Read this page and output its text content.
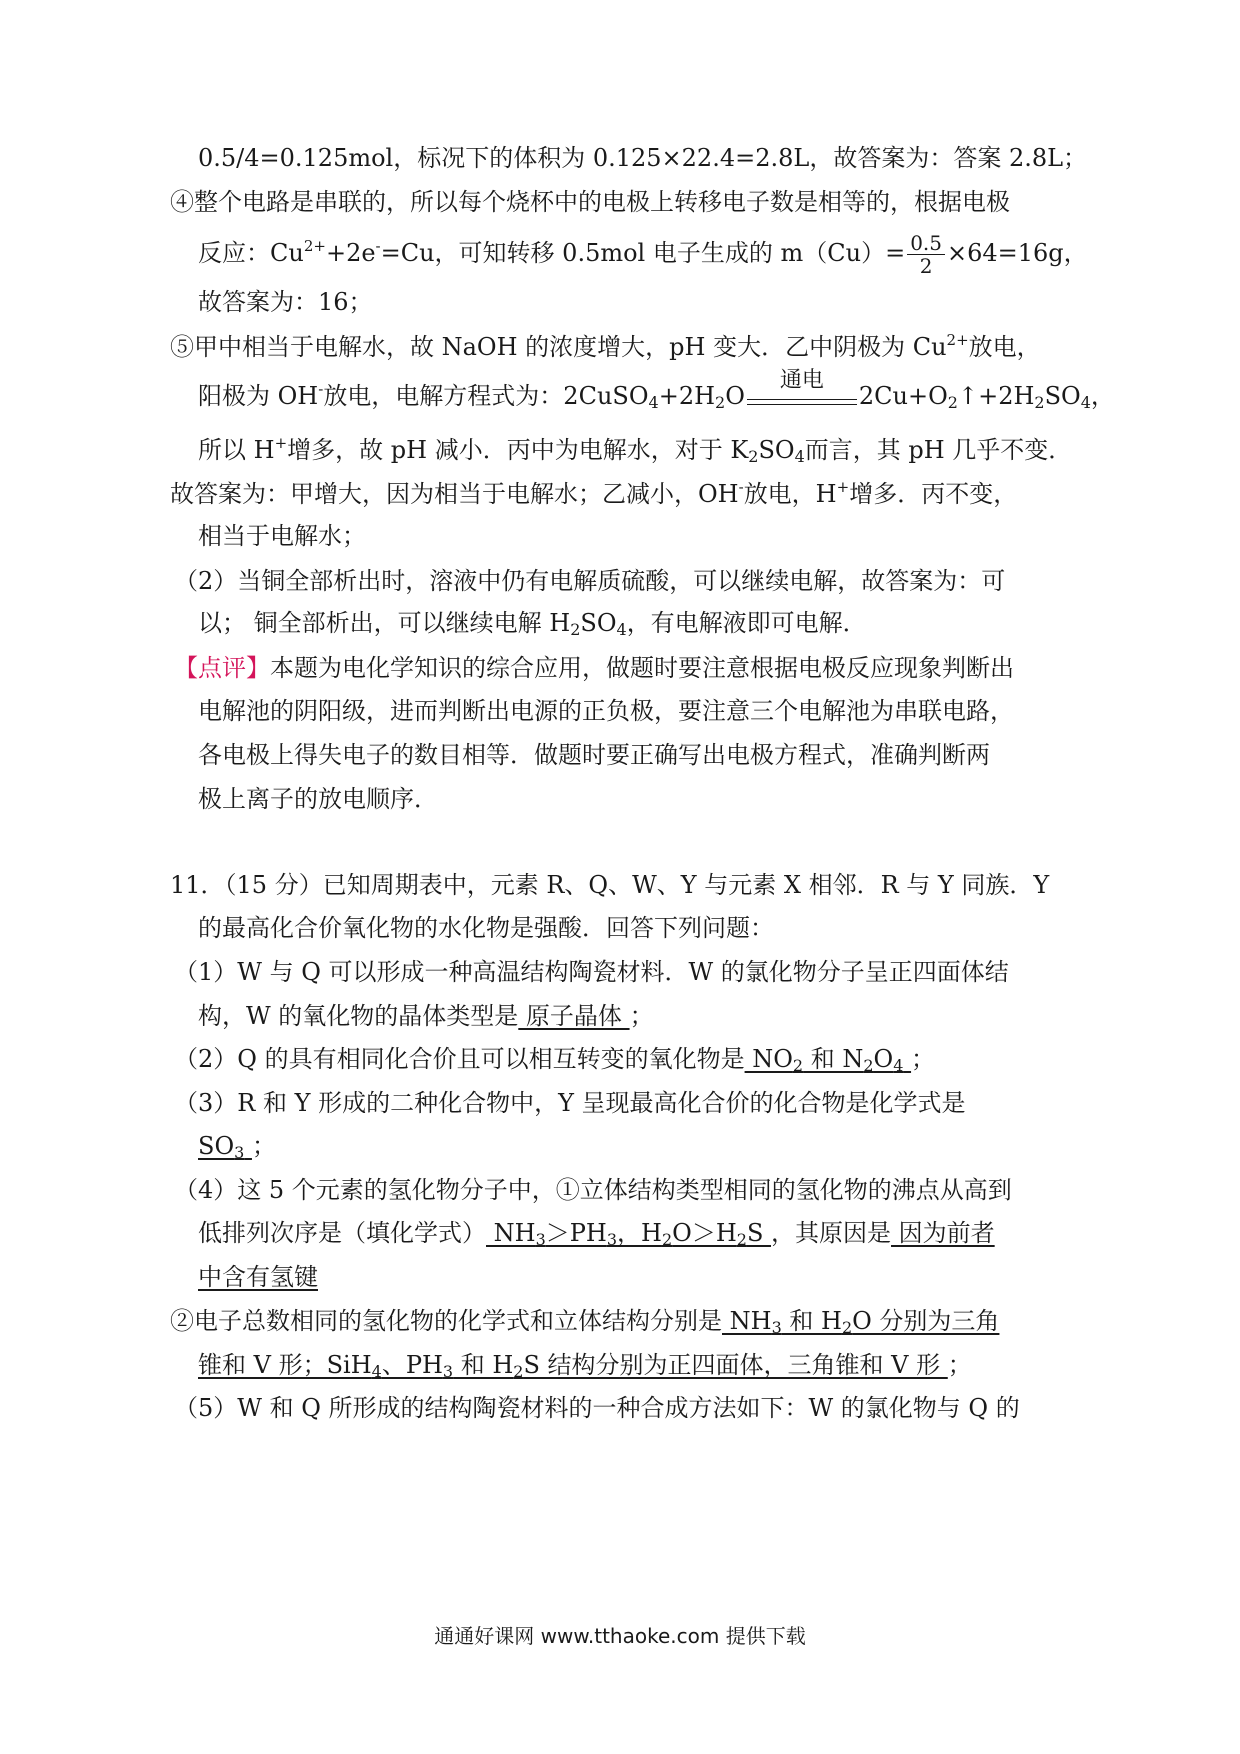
0.5/4=0.125mol，标况下的体积为 0.125×22.4=2.8L，故答案为：答案 2.8L；
④整个电路是串联的，所以每个烧杯中的电极上转移电子数是相等的，根据电极
反应：$Cu^{2+}+2e^-=Cu$，可知转移 0.5mol 电子生成的 $m(Cu)= \frac{0.5}{2} \times 64=16g$，
故答案为：16；
⑤甲中相当于电解水，故 NaOH 的浓度增大，pH 变大．乙中阴极为 $Cu^{2+}$放电，
阳极为 OH-放电，电解方程式为：$2CuSO_4+2H_2O$
通电
$2Cu+O_2↑+2H_2SO_4$，
所以 H+增多，故 pH 减小．丙中为电解水，对于 $K_2SO_4$而言，其 pH 几乎不变．
故答案为：甲增大，因为相当于电解水；乙减小，OH-放电，H+增多．丙不变，
相当于电解水；
（2）当铜全部析出时，溶液中仍有电解质硫酸，可以继续电解，故答案为：可
以； 铜全部析出，可以继续电解 $H_2SO_4$，有电解液即可电解．
【点评】本题为电化学知识的综合应用，做题时要注意根据电极反应现象判断出
电解池的阴阳级，进而判断出电源的正负极，要注意三个电解池为串联电路，
各电极上得失电子的数目相等．做题时要正确写出电极方程式，准确判断两
极上离子的放电顺序．
11．（15 分）已知周期表中，元素 R、Q、W、Y 与元素 X 相邻．R 与 Y 同族．Y
的最高化合价氧化物的水化物是强酸．回答下列问题：
（1）W 与 Q 可以形成一种高温结构陶瓷材料．W 的氯化物分子呈正四面体结
构，W 的氧化物的晶体类型是 原子晶体 ；
（2）Q 的具有相同化合价且可以相互转变的氧化物是 $NO_2$ 和 $N_2O_4$ ；
（3）R 和 Y 形成的二种化合物中，Y 呈现最高化合价的化合物是化学式是
$SO_3$ ；
（4）这 5 个元素的氢化物分子中，①立体结构类型相同的氢化物的沸点从高到
低排列次序是（填化学式） $NH_3>PH_3$，$H_2O>H_2S$ ，其原因是 因为前者
中含有氢键
②电子总数相同的氢化物的化学式和立体结构分别是 $NH_3$ 和 $H_2O$ 分别为三角
锥和 V 形；SiH$_4$、$PH_3$ 和 $H_2S$ 结构分别为正四面体，三角锥和 V 形 ；
（5）W 和 Q 所形成的结构陶瓷材料的一种合成方法如下：W 的氯化物与 Q 的
通通好课网 www.tthaoke.com 提供下载
